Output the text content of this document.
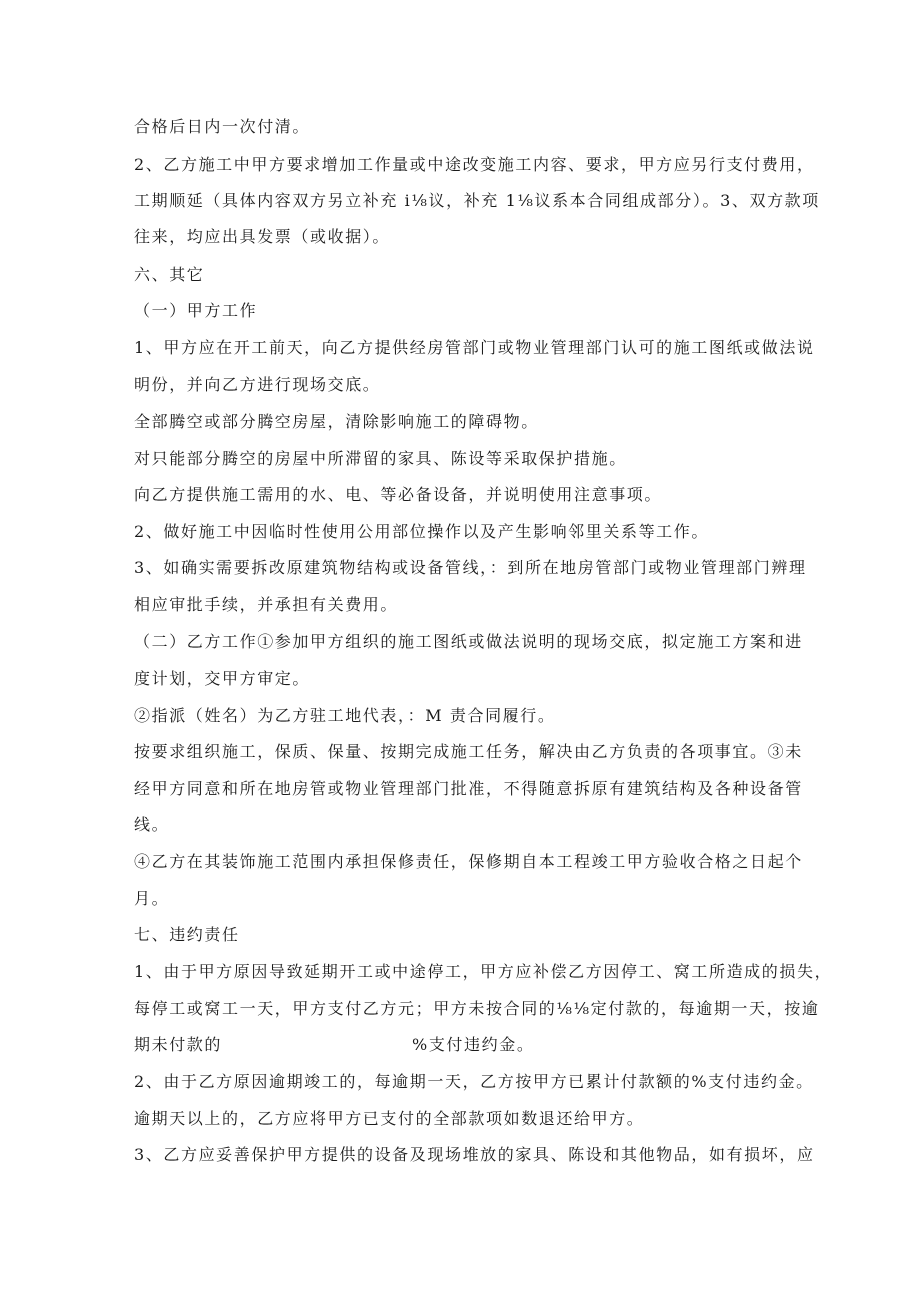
合格后日内一次付清。

2、乙方施工中甲方要求增加工作量或中途改变施工内容、要求，甲方应另行支付费用，

工期顺延（具体内容双方另立补充 i⅛议，补充 1⅛议系本合同组成部分）。3、双方款项

往来，均应出具发票（或收据）。

六、其它

（一）甲方工作

1、甲方应在开工前天，向乙方提供经房管部门或物业管理部门认可的施工图纸或做法说

明份，并向乙方进行现场交底。

全部腾空或部分腾空房屋，清除影响施工的障碍物。

对只能部分腾空的房屋中所滞留的家具、陈设等采取保护措施。

向乙方提供施工需用的水、电、等必备设备，并说明使用注意事项。

2、做好施工中因临时性使用公用部位操作以及产生影响邻里关系等工作。

3、如确实需要拆改原建筑物结构或设备管线，：到所在地房管部门或物业管理部门辨理

相应审批手续，并承担有关费用。

（二）乙方工作①参加甲方组织的施工图纸或做法说明的现场交底，拟定施工方案和进

度计划，交甲方审定。

②指派（姓名）为乙方驻工地代表，：M 责合同履行。

按要求组织施工，保质、保量、按期完成施工任务，解决由乙方负责的各项事宜。③未

经甲方同意和所在地房管或物业管理部门批准，不得随意拆原有建筑结构及各种设备管

线。

④乙方在其装饰施工范围内承担保修责任，保修期自本工程竣工甲方验收合格之日起个

月。

七、违约责任

1、由于甲方原因导致延期开工或中途停工，甲方应补偿乙方因停工、窝工所造成的损失，

每停工或窝工一天，甲方支付乙方元；甲方未按合同的⅛⅛定付款的，每逾期一天，按逾

期未付款的	%支付违约金。

2、由于乙方原因逾期竣工的，每逾期一天，乙方按甲方已累计付款额的%支付违约金。

逾期天以上的，乙方应将甲方已支付的全部款项如数退还给甲方。

3、乙方应妥善保护甲方提供的设备及现场堆放的家具、陈设和其他物品，如有损坏，应
